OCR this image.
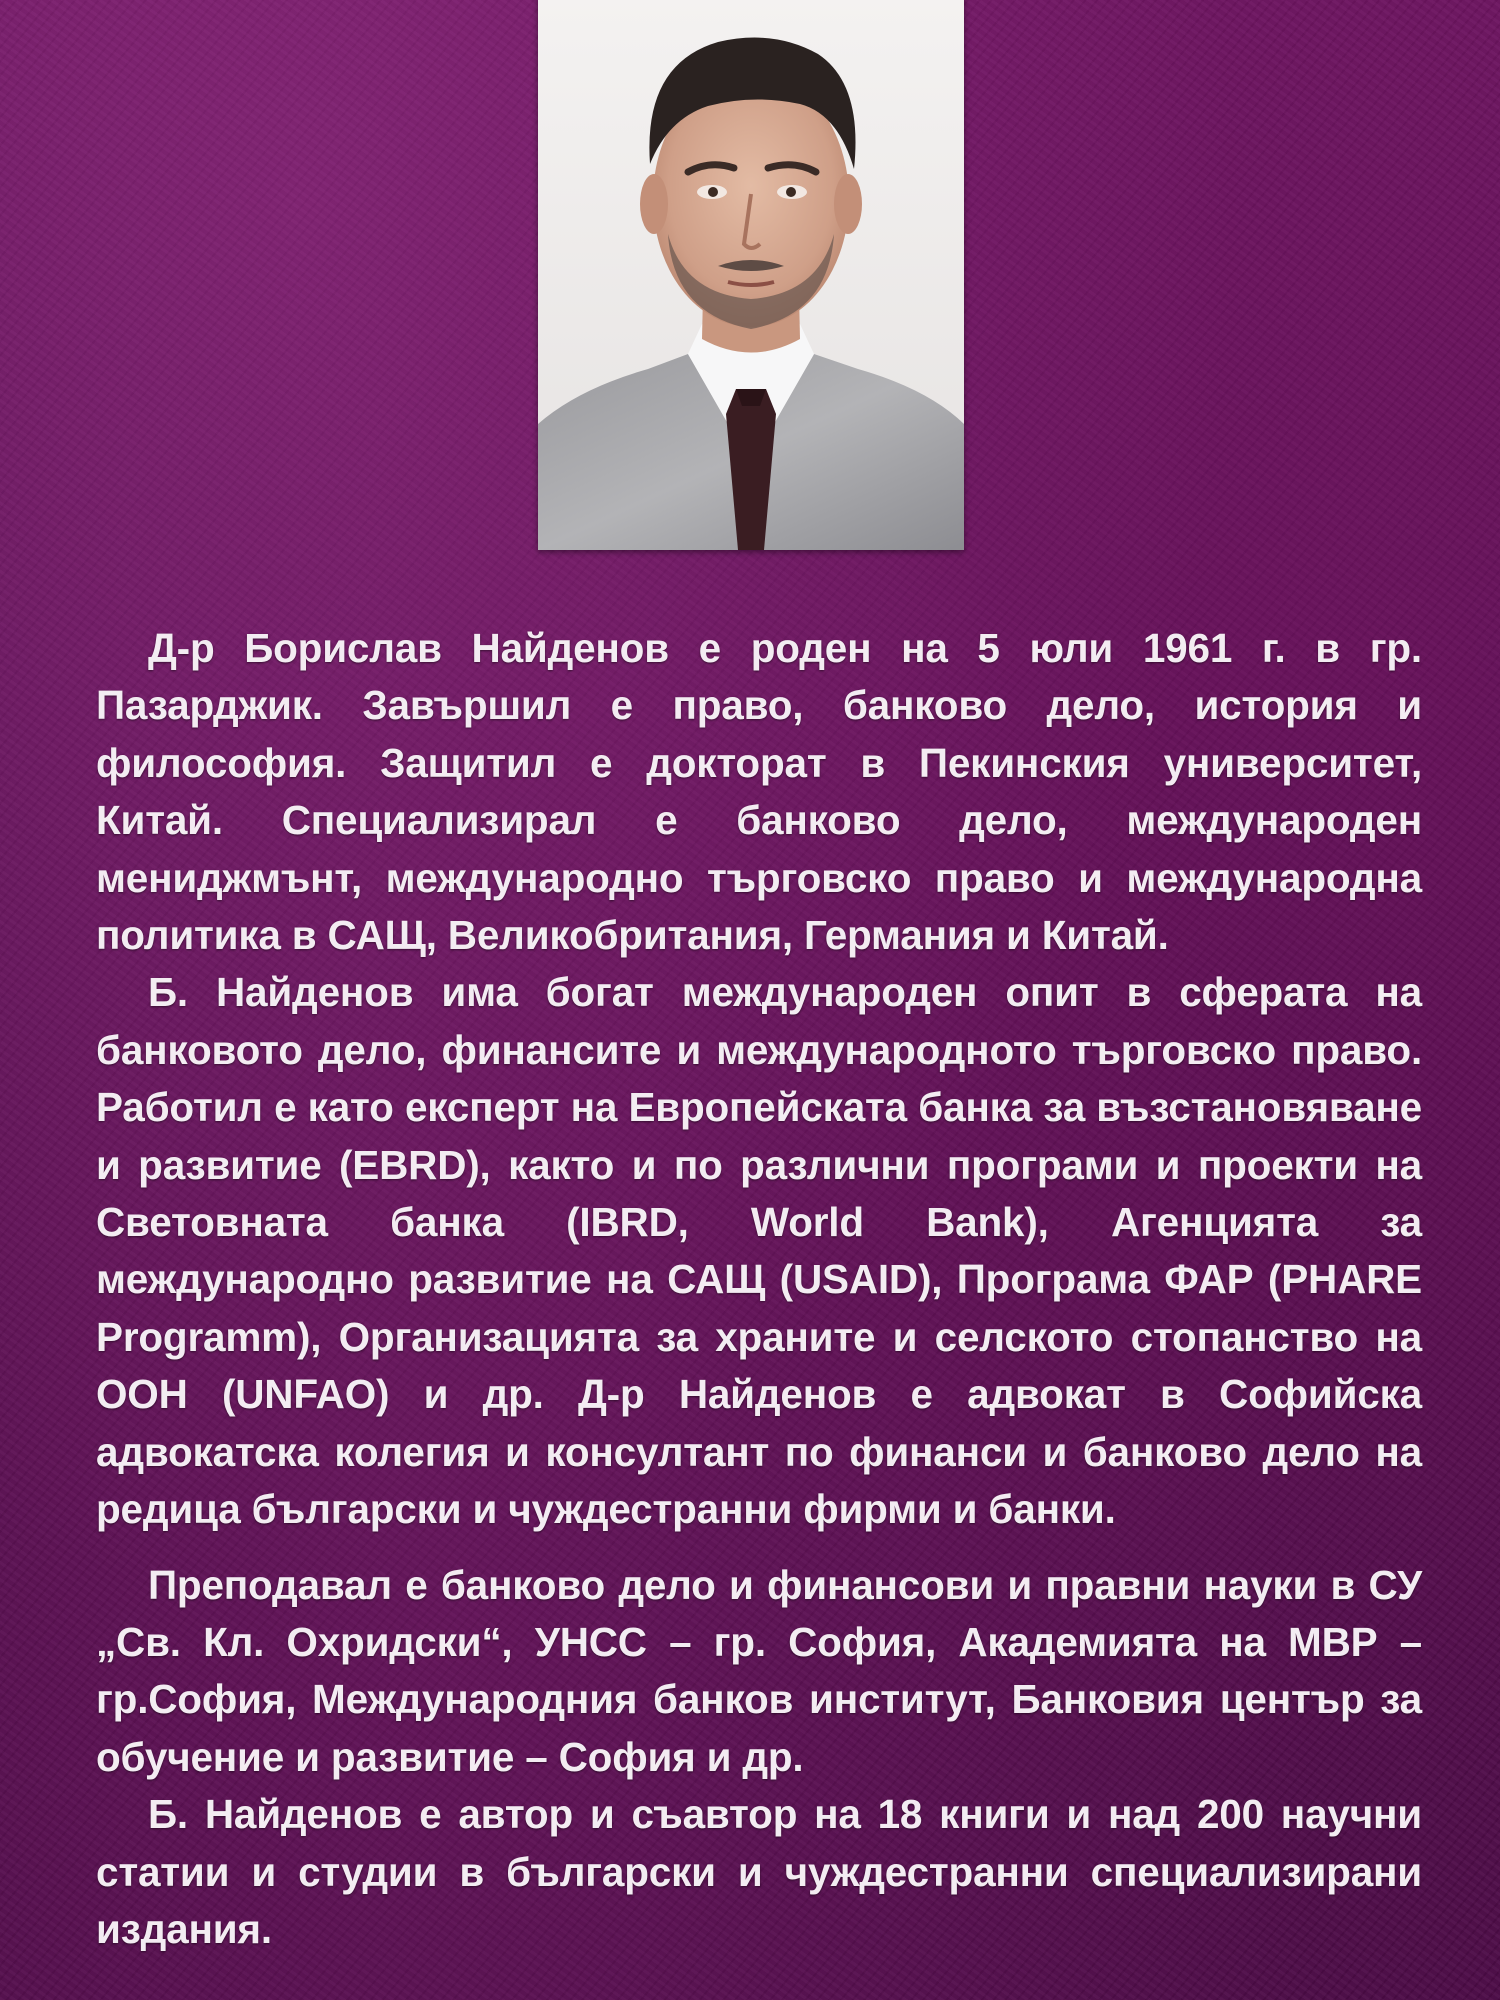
Д-р Борислав Найденов е роден на 5 юли 1961 г. в гр. Пазарджик. Завършил е право, банково дело, история и философия. Защитил е докторат в Пекинския университет, Китай. Специализирал е банково дело, международен мениджмънт, международно търговско право и международна политика в САЩ, Великобритания, Германия и Китай.

Б. Найденов има богат международен опит в сферата на банковото дело, финансите и международното търговско право. Работил е като експерт на Европейската банка за възстановяване и развитие (EBRD), както и по различни програми и проекти на Световната банка (IBRD, World Bank), Агенцията за международно развитие на САЩ (USAID), Програма ФАР (PHARE Programm), Организацията за храните и селското стопанство на ООН (UNFAO) и др. Д-р Найденов е адвокат в Софийска адвокатска колегия и консултант по финанси и банково дело на редица български и чуждестранни фирми и банки.

Преподавал е банково дело и финансови и правни науки в СУ „Св. Кл. Охридски“, УНСС – гр. София, Академията на МВР – гр.София, Международния банков институт, Банковия център за обучение и развитие – София и др.

Б. Найденов е автор и съавтор на 18 книги и над 200 научни статии и студии в български и чуждестранни специализирани издания.
